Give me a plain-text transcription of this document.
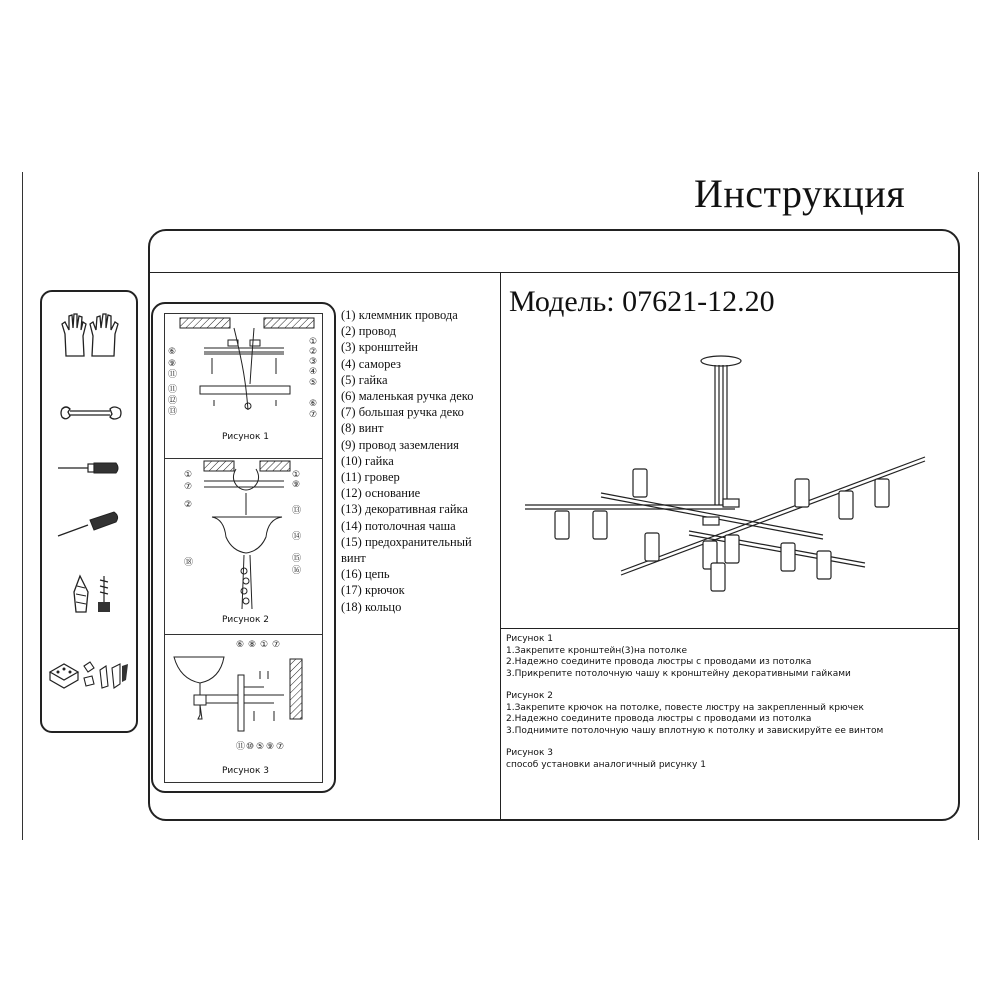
Инструкция
⑥
⑨
⑪
⑪
⑫
⑬
①
②
③
④
⑤
⑥
⑦
Рисунок 1
①
⑦
②
⑱
①
⑨
⑬
⑭
⑮
⑯
Рисунок 2
⑥ ⑧ ① ⑦
⑪ ⑩ ⑤ ⑨ ⑦
Рисунок 3
(1) клеммник провода
(2) провод
(3) кронштейн
(4) саморез
(5) гайка
(6) маленькая ручка деко
(7) большая ручка деко
(8) винт
(9) провод заземления
(10) гайка
(11) гровер
(12) основание
(13) декоративная гайка
(14) потолочная чаша
(15) предохранительный
винт
(16) цепь
(17) крючок
(18) кольцо
Модель: 07621-12.20
Рисунок 1
1.Закрепите кронштейн(3)на потолке
2.Надежно соедините провода люстры с проводами из потолка
3.Прикрепите потолочную чашу к кронштейну декоративными гайками
Рисунок 2
1.Закрепите крючок на потолке, повесте люстру на закрепленный крючек
2.Надежно соедините провода люстры с проводами из потолка
3.Поднимите потолочную чашу вплотную к потолку и завискируйте ее винтом
Рисунок 3
способ установки аналогичный рисунку 1
